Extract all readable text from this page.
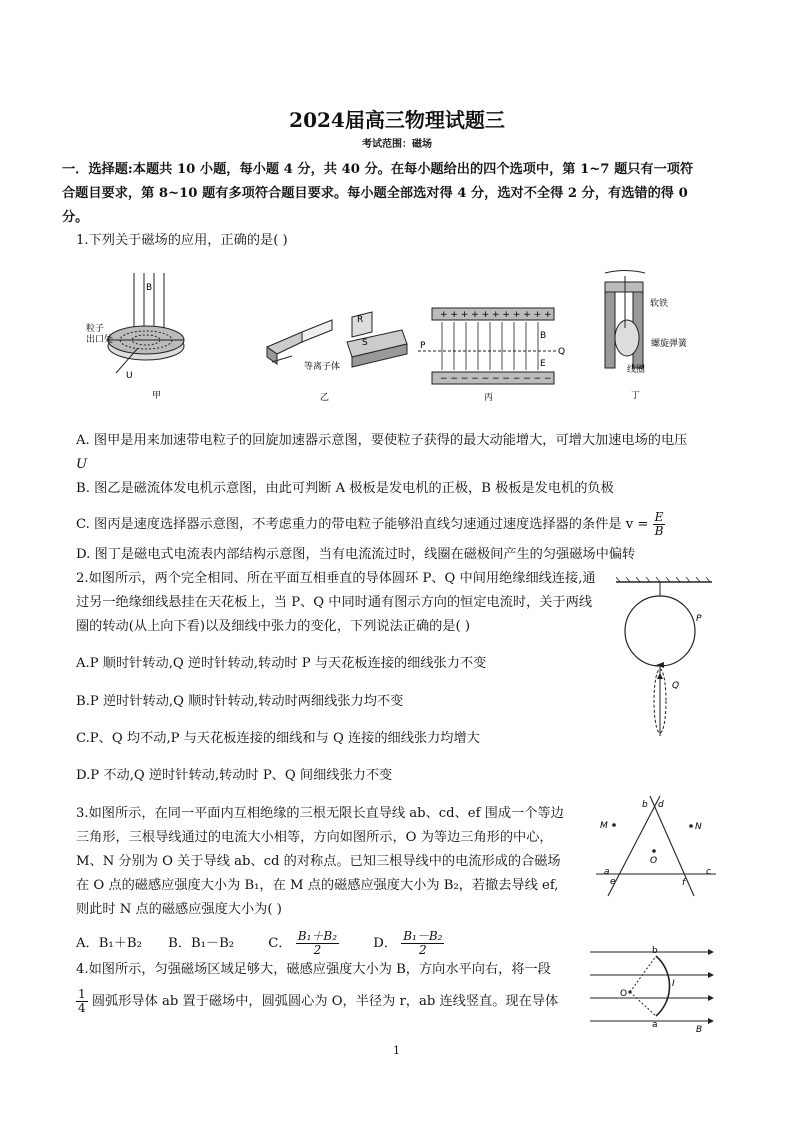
2024届高三物理试题三
考试范围：磁场
一．选择题:本题共 10 小题，每小题 4 分，共 40 分。在每小题给出的四个选项中，第 1~7 题只有一项符
合题目要求，第 8~10 题有多项符合题目要求。每小题全部选对得 4 分，选对不全得 2 分，有选错的得 0
分。
1.下列关于磁场的应用，正确的是( )
B
U
粒子
出口处
甲
R
S
等离子体
乙
+ + + + + + + + + + +
− − − − − − − − − − −
P
Q
B
E
丙
软铁
螺旋弹簧
线圈
丁
A. 图甲是用来加速带电粒子的回旋加速器示意图，要使粒子获得的最大动能增大，可增大加速电场的电压
U
B. 图乙是磁流体发电机示意图，由此可判断 A 极板是发电机的正极，B 极板是发电机的负极
C. 图丙是速度选择器示意图，不考虑重力的带电粒子能够沿直线匀速通过速度选择器的条件是 $v = \frac{E}{B}$
D. 图丁是磁电式电流表内部结构示意图，当有电流流过时，线圈在磁极间产生的匀强磁场中偏转
2.如图所示，两个完全相同、所在平面互相垂直的导体圆环 P、Q 中间用绝缘细线连接,通
过另一绝缘细线悬挂在天花板上，当 P、Q 中同时通有图示方向的恒定电流时，关于两线
圈的转动(从上向下看)以及细线中张力的变化，下列说法正确的是( )
A.P 顺时针转动,Q 逆时针转动,转动时 P 与天花板连接的细线张力不变
B.P 逆时针转动,Q 顺时针转动,转动时两细线张力均不变
C.P、Q 均不动,P 与天花板连接的细线和与 Q 连接的细线张力均增大
D.P 不动,Q 逆时针转动,转动时 P、Q 间细线张力不变
P
Q
3.如图所示，在同一平面内互相绝缘的三根无限长直导线 ab、cd、ef 围成一个等边
三角形，三根导线通过的电流大小相等，方向如图所示，O 为等边三角形的中心，
M、N 分别为 O 关于导线 ab、cd 的对称点。已知三根导线中的电流形成的合磁场
在 O 点的磁感应强度大小为 B₁，在 M 点的磁感应强度大小为 B₂，若撤去导线 ef,
则此时 N 点的磁感应强度大小为( )
A．B₁＋B₂ B．B₁－B₂	C． $\frac{\text{B₁＋B₂}}{2}$	D． $\frac{\text{B₁－B₂}}{2}$
b d
M	N
O
a
e	f
c
4.如图所示，匀强磁场区域足够大，磁感应强度大小为 B，方向水平向右，将一段
$\frac{1}{4}$ 圆弧形导体 ab 置于磁场中，圆弧圆心为 O，半径为 r，ab 连线竖直。现在导体
b
O
I
a	B
1
